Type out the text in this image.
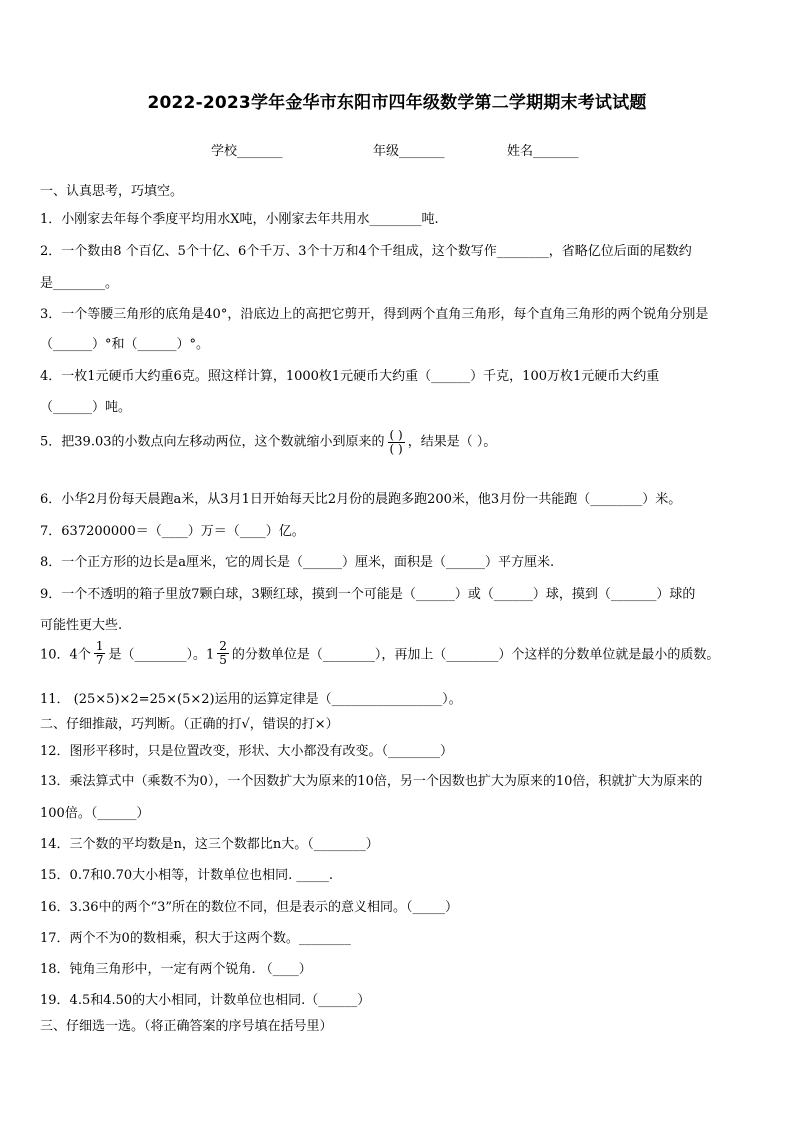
2022-2023学年金华市东阳市四年级数学第二学期期末考试试题
学校_______	年级_______	姓名_______
一、认真思考，巧填空。
1．小刚家去年每个季度平均用水X吨，小刚家去年共用水________吨.
2．一个数由8 个百亿、5个十亿、6个千万、3个十万和4个千组成，这个数写作________，省略亿位后面的尾数约
是________。
3．一个等腰三角形的底角是40°，沿底边上的高把它剪开，得到两个直角三角形，每个直角三角形的两个锐角分别是
（______）°和（______）°。
4．一枚1元硬币大约重6克。照这样计算，1000枚1元硬币大约重（______）千克，100万枚1元硬币大约重
（______）吨。
5．把39.03的小数点向左移动两位，这个数就缩小到原来的 $\frac{( )}{( )}$ ，结果是（ ）。
6．小华2月份每天晨跑a米，从3月1日开始每天比2月份的晨跑多跑200米，他3月份一共能跑（________）米。
7．637200000＝（____）万＝（____）亿。
8．一个正方形的边长是a厘米，它的周长是（______）厘米，面积是（______）平方厘米.
9．一个不透明的箱子里放7颗白球，3颗红球，摸到一个可能是（______）或（______）球，摸到（_______）球的
可能性更大些.
10．4个 $\frac{1}{7}$ 是（________）。$1 \frac{2}{5}$ 的分数单位是（________），再加上（________）个这样的分数单位就是最小的质数。
11． (25×5)×2=25×(5×2)运用的运算定律是（_________________）。
二、仔细推敲，巧判断。（正确的打√，错误的打×）
12．图形平移时，只是位置改变，形状、大小都没有改变。（________）
13．乘法算式中（乘数不为0），一个因数扩大为原来的10倍，另一个因数也扩大为原来的10倍，积就扩大为原来的
100倍。（______）
14．三个数的平均数是n，这三个数都比n大。（________）
15．0.7和0.70大小相等，计数单位也相同. _____.
16．3.36中的两个“3”所在的数位不同，但是表示的意义相同。（_____）
17．两个不为0的数相乘，积大于这两个数。________
18．钝角三角形中，一定有两个锐角. （____）
19．4.5和4.50的大小相同，计数单位也相同.（______）
三、仔细选一选。（将正确答案的序号填在括号里）
